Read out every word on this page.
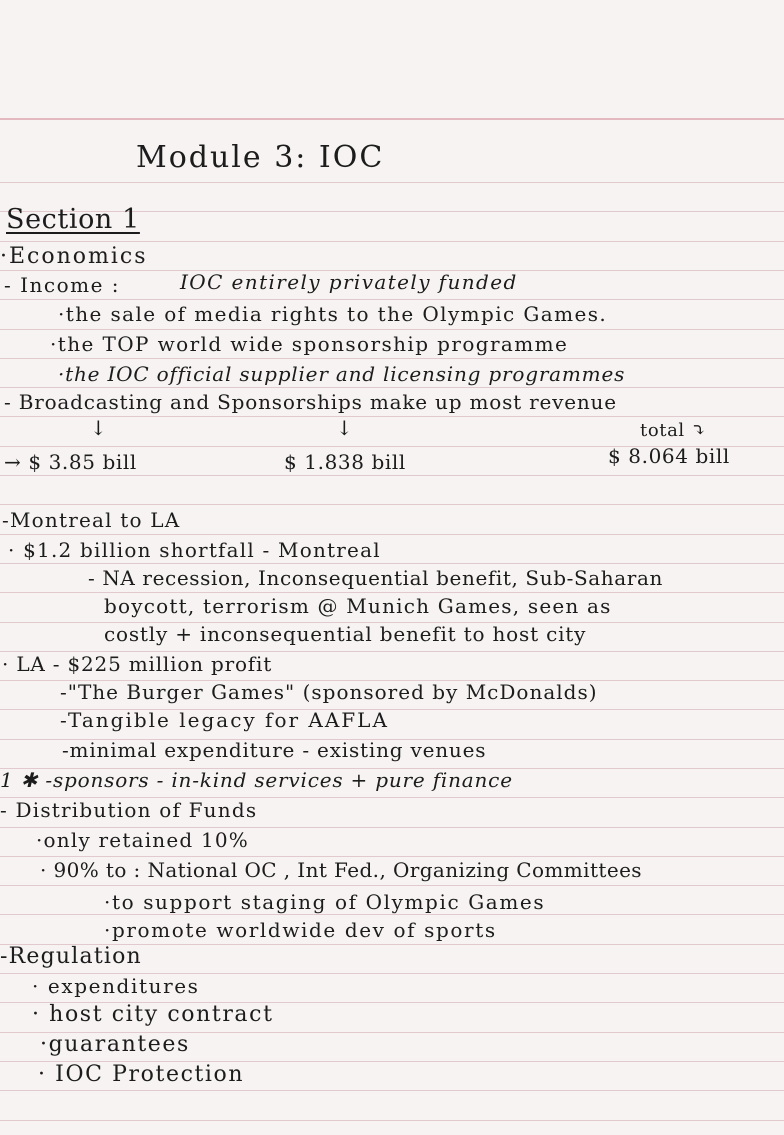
Module 3: IOC
Section 1
·Economics
- Income :	IOC entirely privately funded
·the sale of media rights to the Olympic Games.
·the TOP world wide sponsorship programme
·the IOC official supplier and licensing programmes
- Broadcasting and Sponsorships make up most revenue
↓	↓	total ⤵
→ $ 3.85 bill	$ 1.838 bill	$ 8.064 bill
-Montreal to LA
· $1.2 billion shortfall - Montreal
- NA recession, Inconsequential benefit, Sub-Saharan
boycott, terrorism @ Munich Games, seen as
costly + inconsequential benefit to host city
· LA - $225 million profit
-"The Burger Games" (sponsored by McDonalds)
-Tangible legacy for AAFLA
-minimal expenditure - existing venues
1 ✱ -sponsors - in-kind services + pure finance
- Distribution of Funds
·only retained 10%
· 90% to : National OC , Int Fed., Organizing Committees
·to support staging of Olympic Games
·promote worldwide dev of sports
-Regulation
· expenditures
· host city contract
·guarantees
· IOC Protection
